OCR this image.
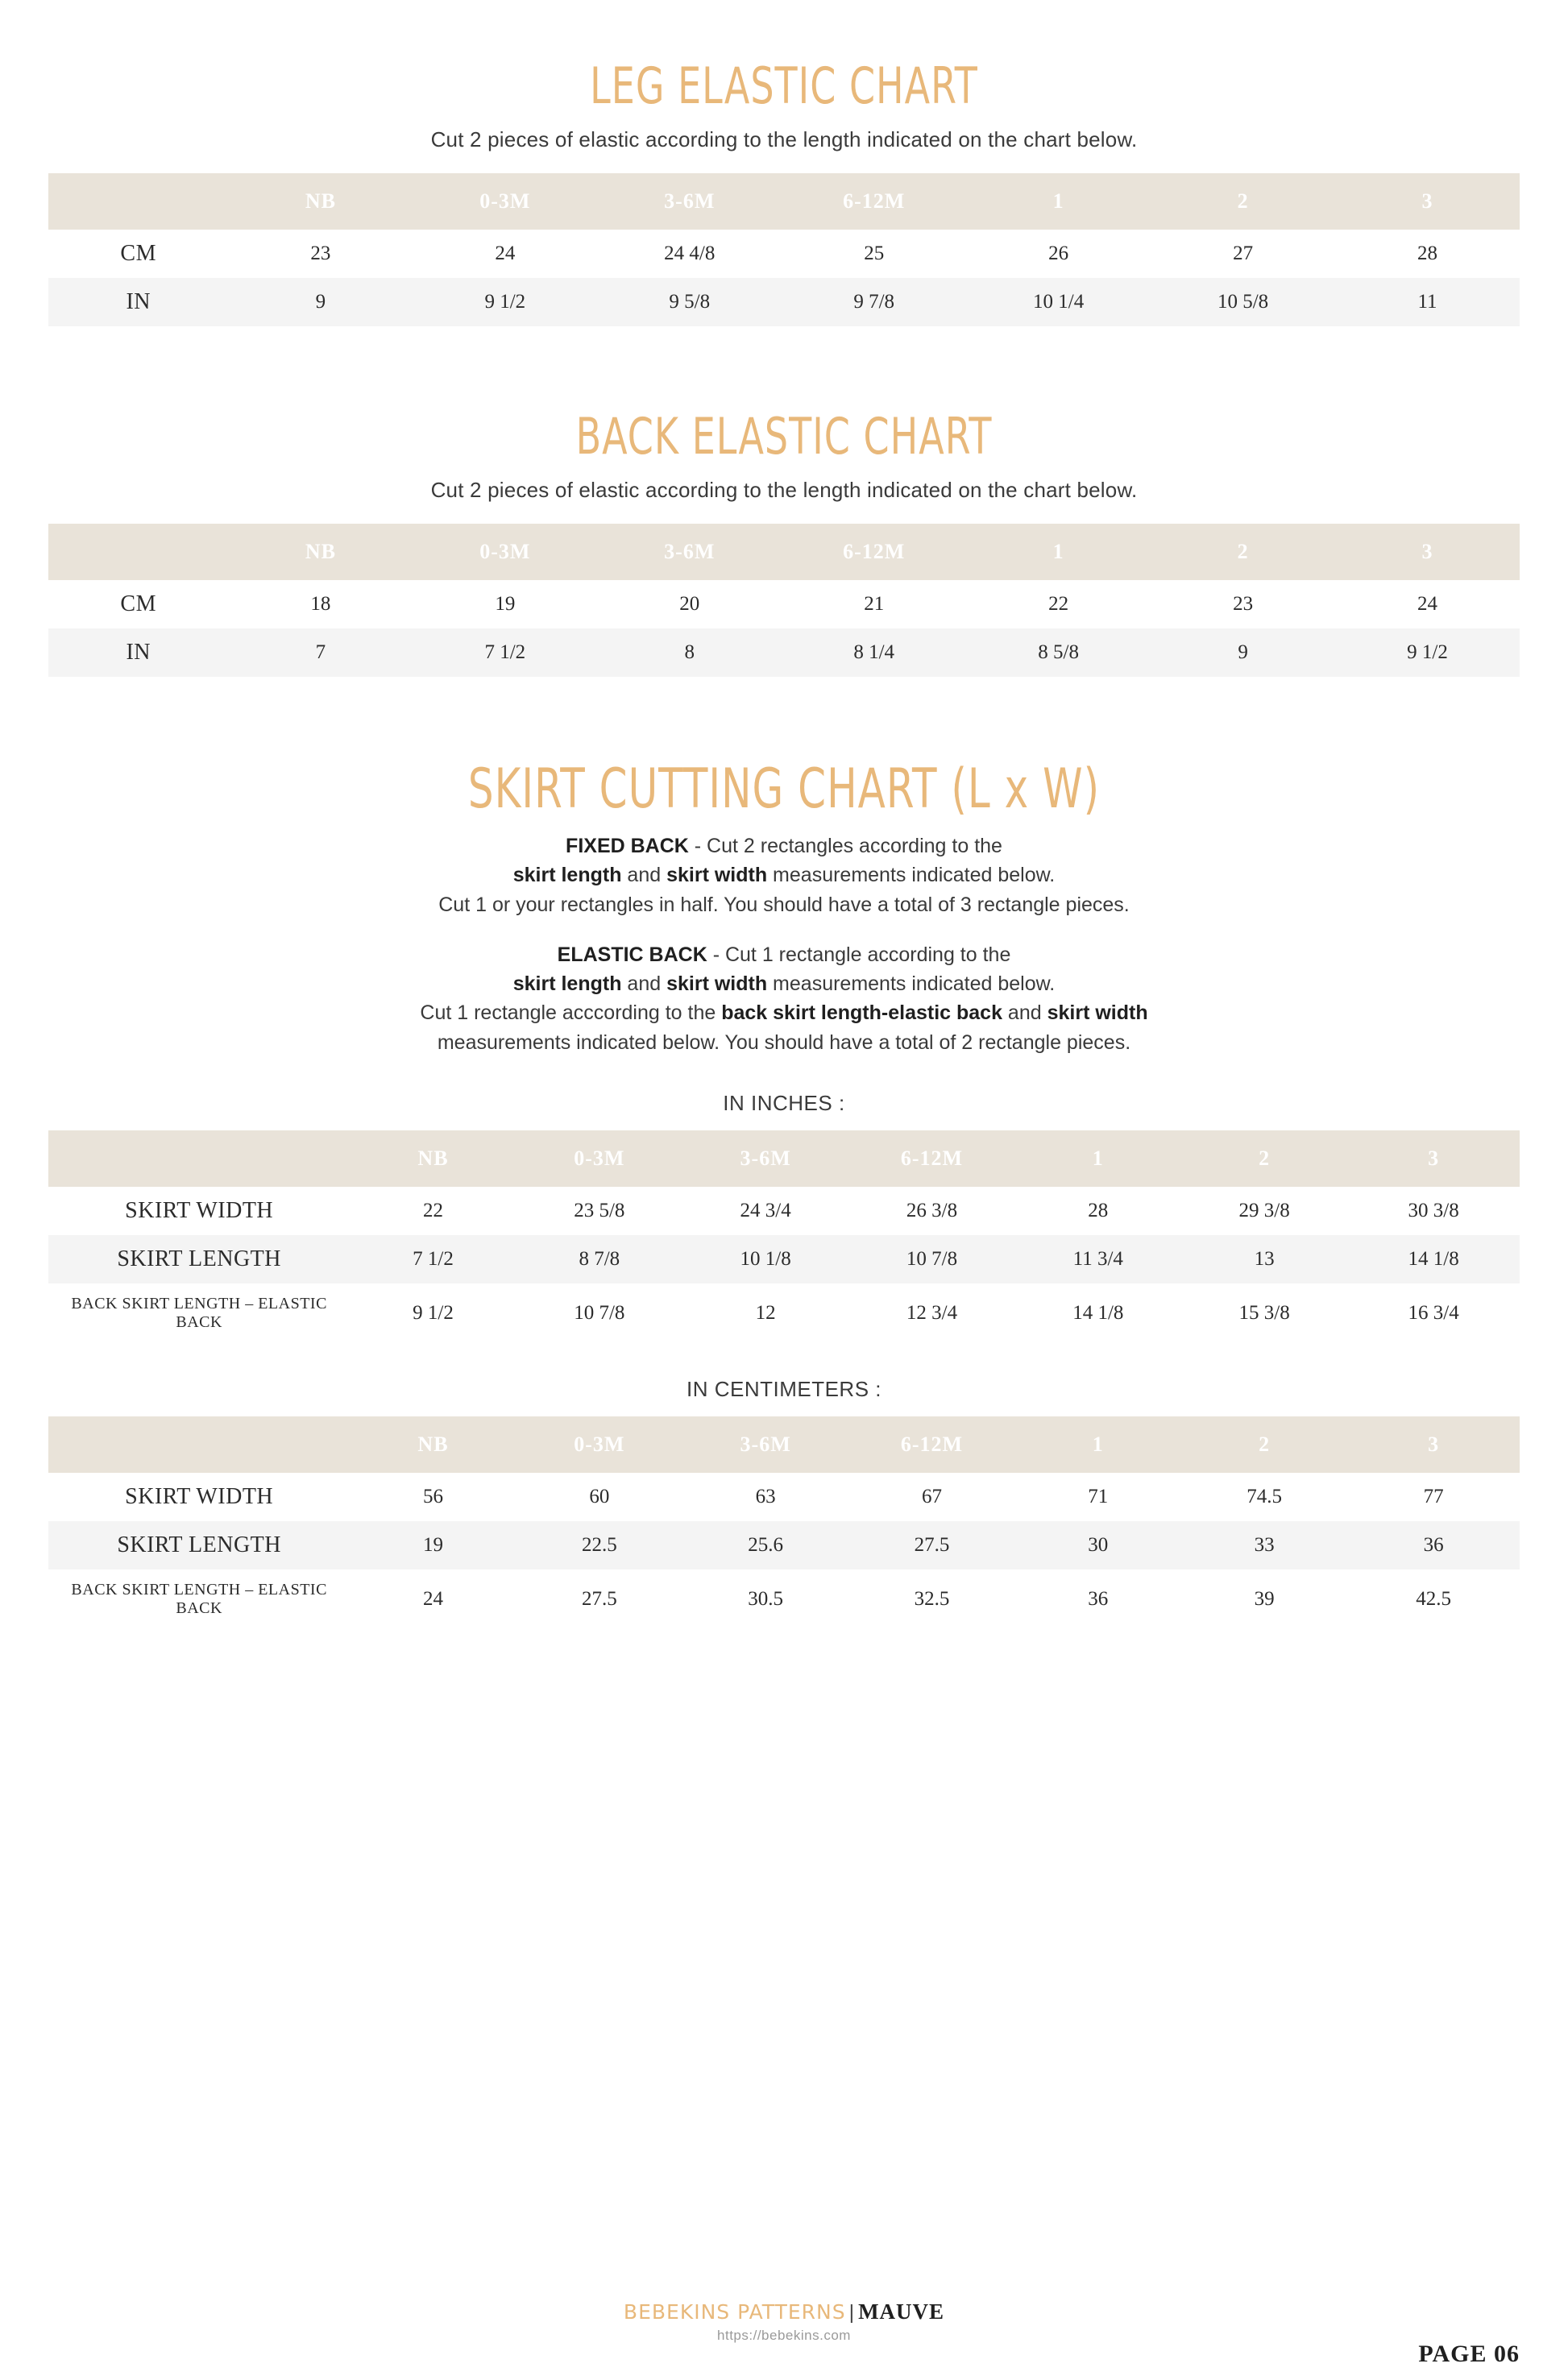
LEG ELASTIC CHART

Cut 2 pieces of elastic according to the length indicated on the chart below.

	NB	0-3M	3-6M	6-12M	1	2	3
CM	23	24	24 4/8	25	26	27	28
IN	9	9 1/2	9 5/8	9 7/8	10 1/4	10 5/8	11
BACK ELASTIC CHART

Cut 2 pieces of elastic according to the length indicated on the chart below.

	NB	0-3M	3-6M	6-12M	1	2	3
CM	18	19	20	21	22	23	24
IN	7	7 1/2	8	8 1/4	8 5/8	9	9 1/2
SKIRT CUTTING CHART (L x W)
FIXED BACK - Cut 2 rectangles according to the
skirt length and skirt width measurements indicated below.
Cut 1 or your rectangles in half. You should have a total of 3 rectangle pieces.
ELASTIC BACK - Cut 1 rectangle according to the
skirt length and skirt width measurements indicated below.
Cut 1 rectangle acccording to the back skirt length-elastic back and skirt width
measurements indicated below. You should have a total of 2 rectangle pieces.
IN INCHES :
	NB	0-3M	3-6M	6-12M	1	2	3
SKIRT WIDTH	22	23 5/8	24 3/4	26 3/8	28	29 3/8	30 3/8
SKIRT LENGTH	7 1/2	8 7/8	10 1/8	10 7/8	11 3/4	13	14 1/8
BACK SKIRT LENGTH – ELASTIC BACK	9 1/2	10 7/8	12	12 3/4	14 1/8	15 3/8	16 3/4
IN CENTIMETERS :
	NB	0-3M	3-6M	6-12M	1	2	3
SKIRT WIDTH	56	60	63	67	71	74.5	77
SKIRT LENGTH	19	22.5	25.6	27.5	30	33	36
BACK SKIRT LENGTH – ELASTIC BACK	24	27.5	30.5	32.5	36	39	42.5
BEBEKINS PATTERNS | MAUVE
https://bebekins.com
PAGE 06
